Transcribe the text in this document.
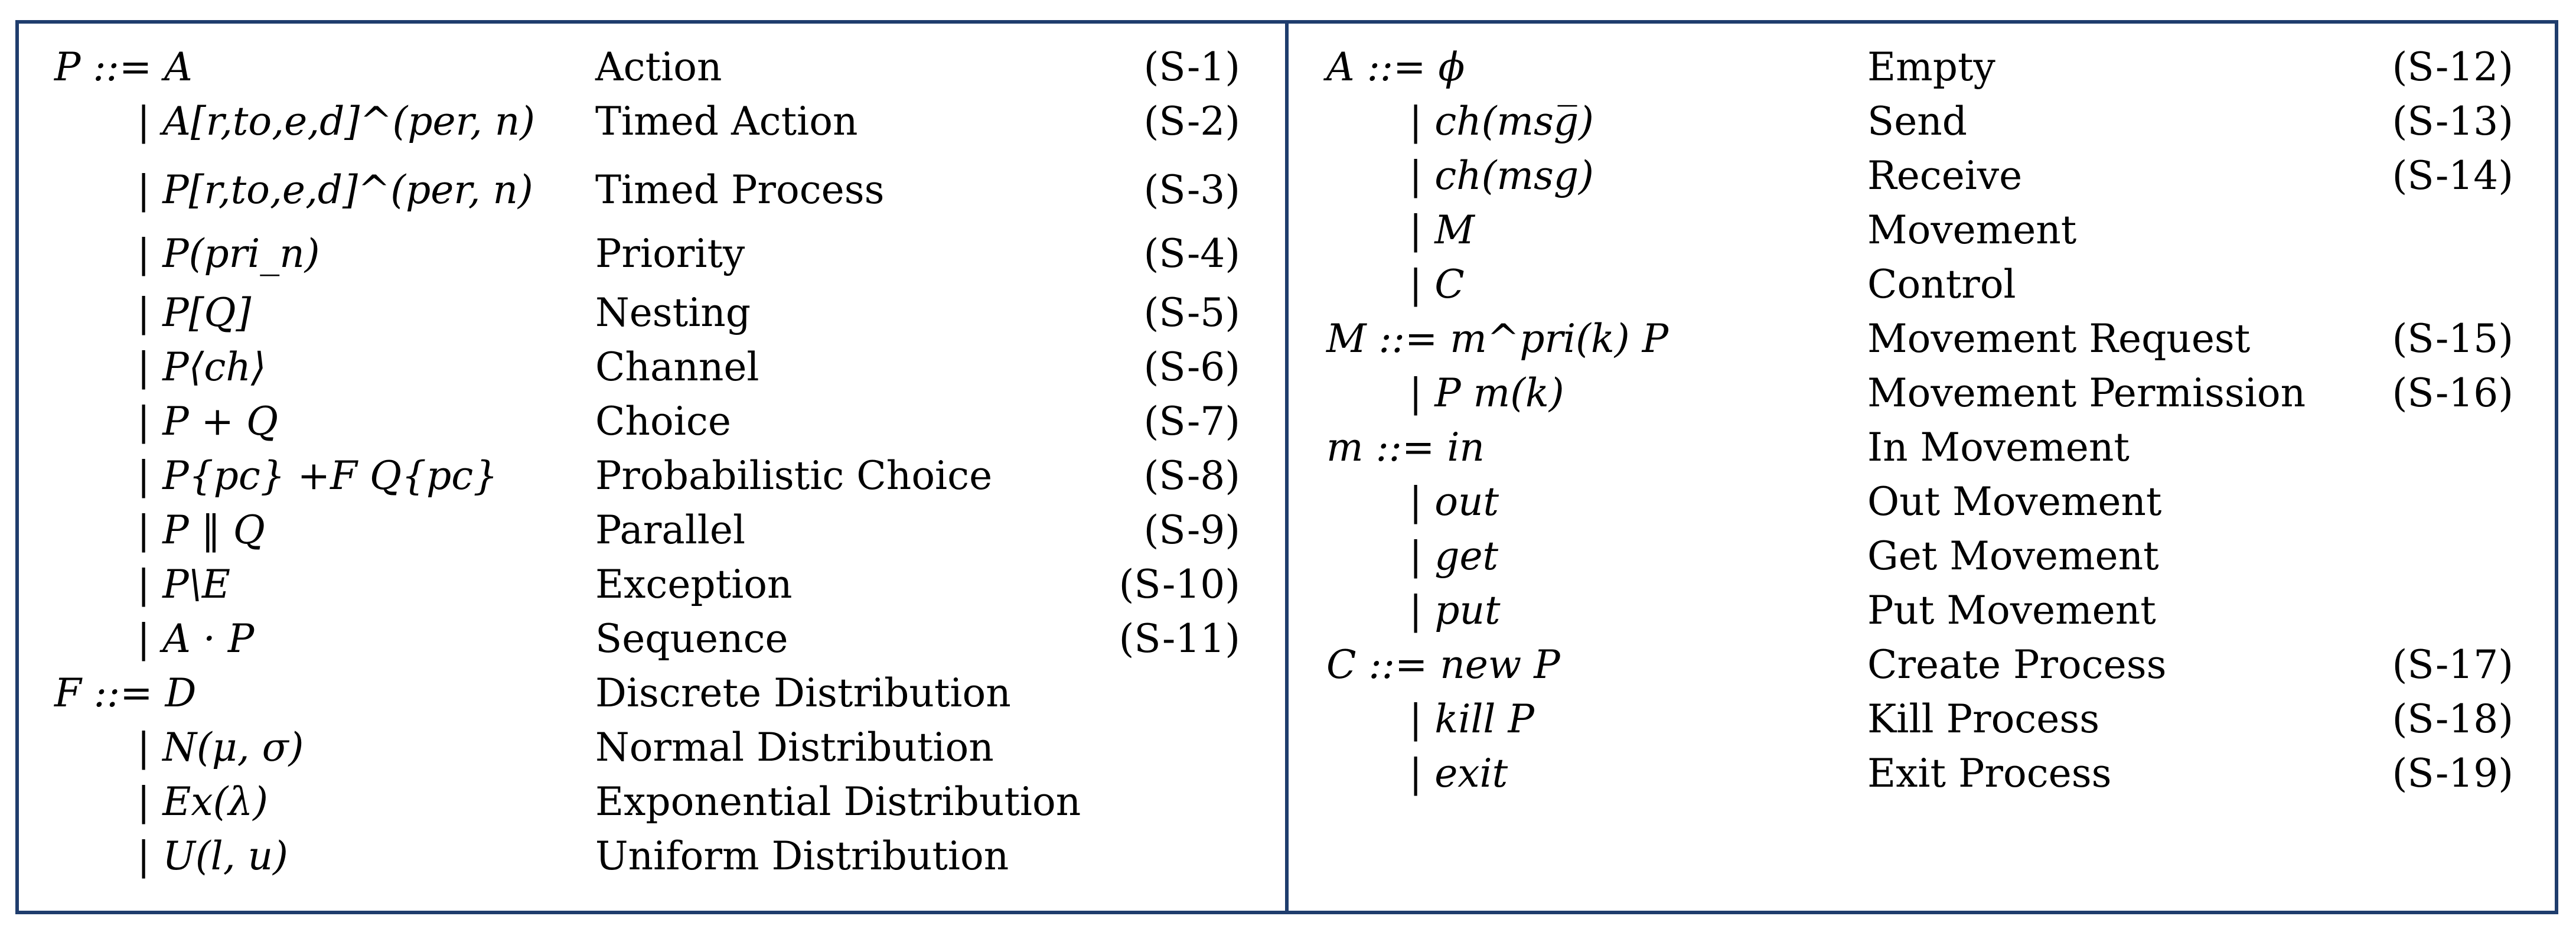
P ::= A	Action	(S-1)
| A[r,to,e,d]^(per, n) Timed Action	(S-2)
| P[r,to,e,d]^(per, n) Timed Process	(S-3)
| P(pri_n)	Priority	(S-4)
| P[Q]	Nesting	(S-5)
| P⟨ch⟩	Channel	(S-6)
| P + Q	Choice	(S-7)
| P{pc} +F Q{pc} Probabilistic Choice	(S-8)
| P ‖ Q	Parallel	(S-9)
| P\E	Exception	(S-10)
| A · P	Sequence	(S-11)
F ::= D	Discrete Distribution
| N(μ, σ)	Normal Distribution
| Ex(λ)	Exponential Distribution
| U(l, u)	Uniform Distribution
A ::= ϕ	Empty	(S-12)
| ch(msg̅)	Send	(S-13)
| ch(msg)	Receive	(S-14)
| M	Movement
| C	Control
M ::= m^pri(k) P	Movement Request	(S-15)
| P m(k)	Movement Permission	(S-16)
m ::= in	In Movement
| out	Out Movement
| get	Get Movement
| put	Put Movement
C ::= new P	Create Process	(S-17)
| kill P	Kill Process	(S-18)
| exit	Exit Process	(S-19)
